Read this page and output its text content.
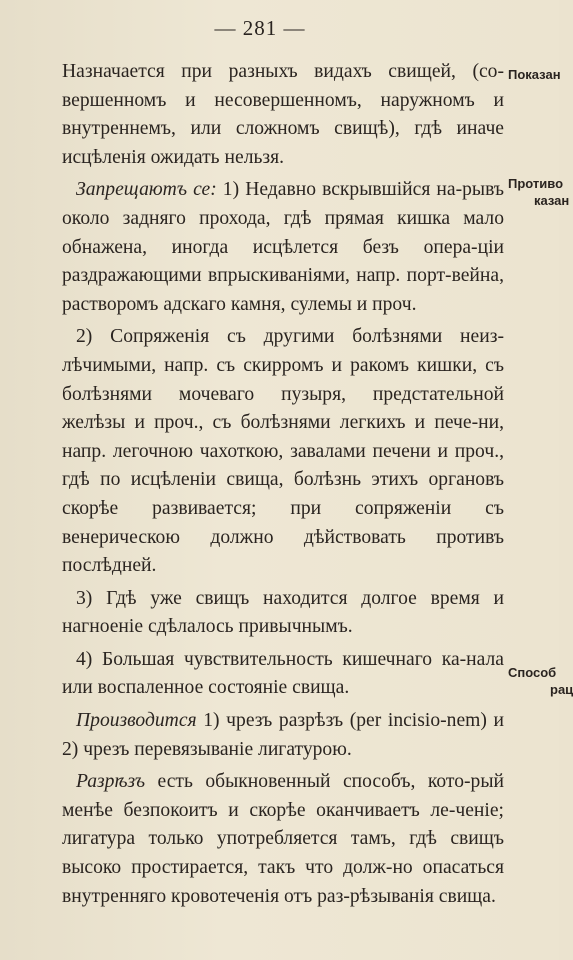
— 281 —

Назначается при разныхъ видахъ свищей, (со-вершенномъ и несовершенномъ, наружномъ и внутреннемъ, или сложномъ свищѣ), гдѣ иначе исцѣленія ожидать нельзя.

Запрещаютъ се: 1) Недавно вскрывшійся на-рывъ около задняго прохода, гдѣ прямая кишка мало обнажена, иногда исцѣлется безъ опера-ціи раздражающими впрыскиваніями, напр. порт-вейна, растворомъ адскаго камня, сулемы и проч.

2) Сопряженія съ другими болѣзнями неиз-лѣчимыми, напр. съ скирромъ и ракомъ кишки, съ болѣзнями мочеваго пузыря, предстательной желѣзы и проч., съ болѣзнями легкихъ и пече-ни, напр. легочною чахоткою, завалами печени и проч., гдѣ по исцѣленіи свища, болѣзнь этихъ органовъ скорѣе развивается; при сопряженіи съ венерическою должно дѣйствовать противъ послѣдней.

3) Гдѣ уже свищъ находится долгое время и нагноеніе сдѣлалось привычнымъ.

4) Большая чувствительность кишечнаго ка-нала или воспаленное состояніе свища.

Производится 1) чрезъ разрѣзъ (per incisio-nem) и 2) чрезъ перевязываніе лигатурою.

Разрѣзъ есть обыкновенный способъ, кото-рый менѣе безпокоитъ и скорѣе оканчиваетъ ле-ченіе; лигатура только употребляется тамъ, гдѣ свищъ высоко простирается, такъ что долж-но опасаться внутренняго кровотеченія отъ раз-рѣзыванія свища.

Показан
Противо
казан
Способ
рац
